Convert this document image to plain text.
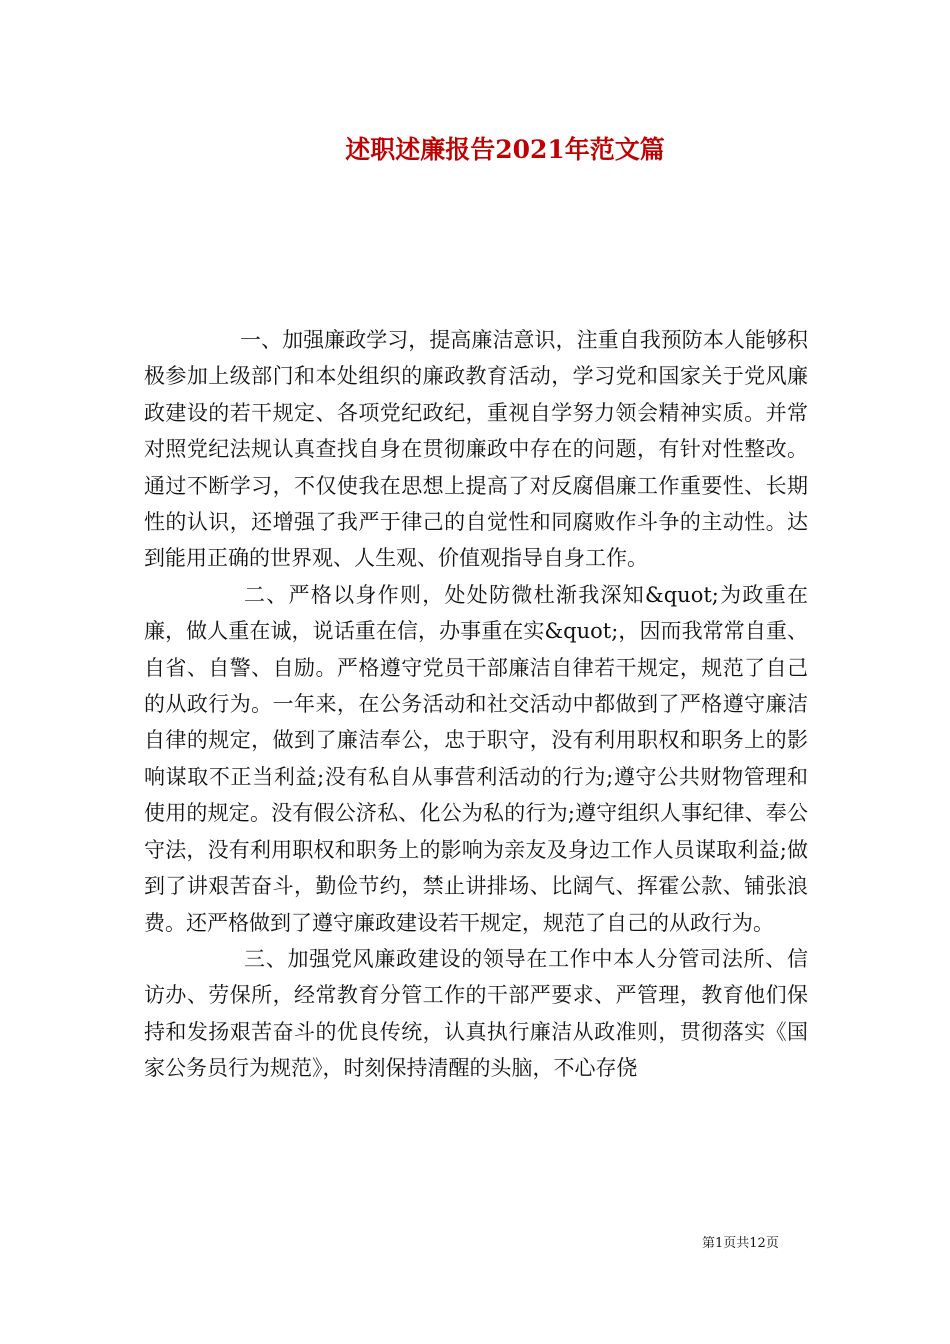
述职述廉报告2021年范文篇

一、加强廉政学习，提高廉洁意识，注重自我预防本人能够积极参加上级部门和本处组织的廉政教育活动，学习党和国家关于党风廉政建设的若干规定、各项党纪政纪，重视自学努力领会精神实质。并常对照党纪法规认真查找自身在贯彻廉政中存在的问题，有针对性整改。通过不断学习，不仅使我在思想上提高了对反腐倡廉工作重要性、长期性的认识，还增强了我严于律己的自觉性和同腐败作斗争的主动性。达到能用正确的世界观、人生观、价值观指导自身工作。

二、严格以身作则，处处防微杜渐我深知&quot;为政重在廉，做人重在诚，说话重在信，办事重在实&quot;，因而我常常自重、自省、自警、自励。严格遵守党员干部廉洁自律若干规定，规范了自己的从政行为。一年来，在公务活动和社交活动中都做到了严格遵守廉洁自律的规定，做到了廉洁奉公，忠于职守，没有利用职权和职务上的影响谋取不正当利益;没有私自从事营利活动的行为;遵守公共财物管理和使用的规定。没有假公济私、化公为私的行为;遵守组织人事纪律、奉公守法，没有利用职权和职务上的影响为亲友及身边工作人员谋取利益;做到了讲艰苦奋斗，勤俭节约，禁止讲排场、比阔气、挥霍公款、铺张浪费。还严格做到了遵守廉政建设若干规定，规范了自己的从政行为。

三、加强党风廉政建设的领导在工作中本人分管司法所、信访办、劳保所，经常教育分管工作的干部严要求、严管理，教育他们保持和发扬艰苦奋斗的优良传统，认真执行廉洁从政准则，贯彻落实《国家公务员行为规范》，时刻保持清醒的头脑，不心存侥

第1页共12页
